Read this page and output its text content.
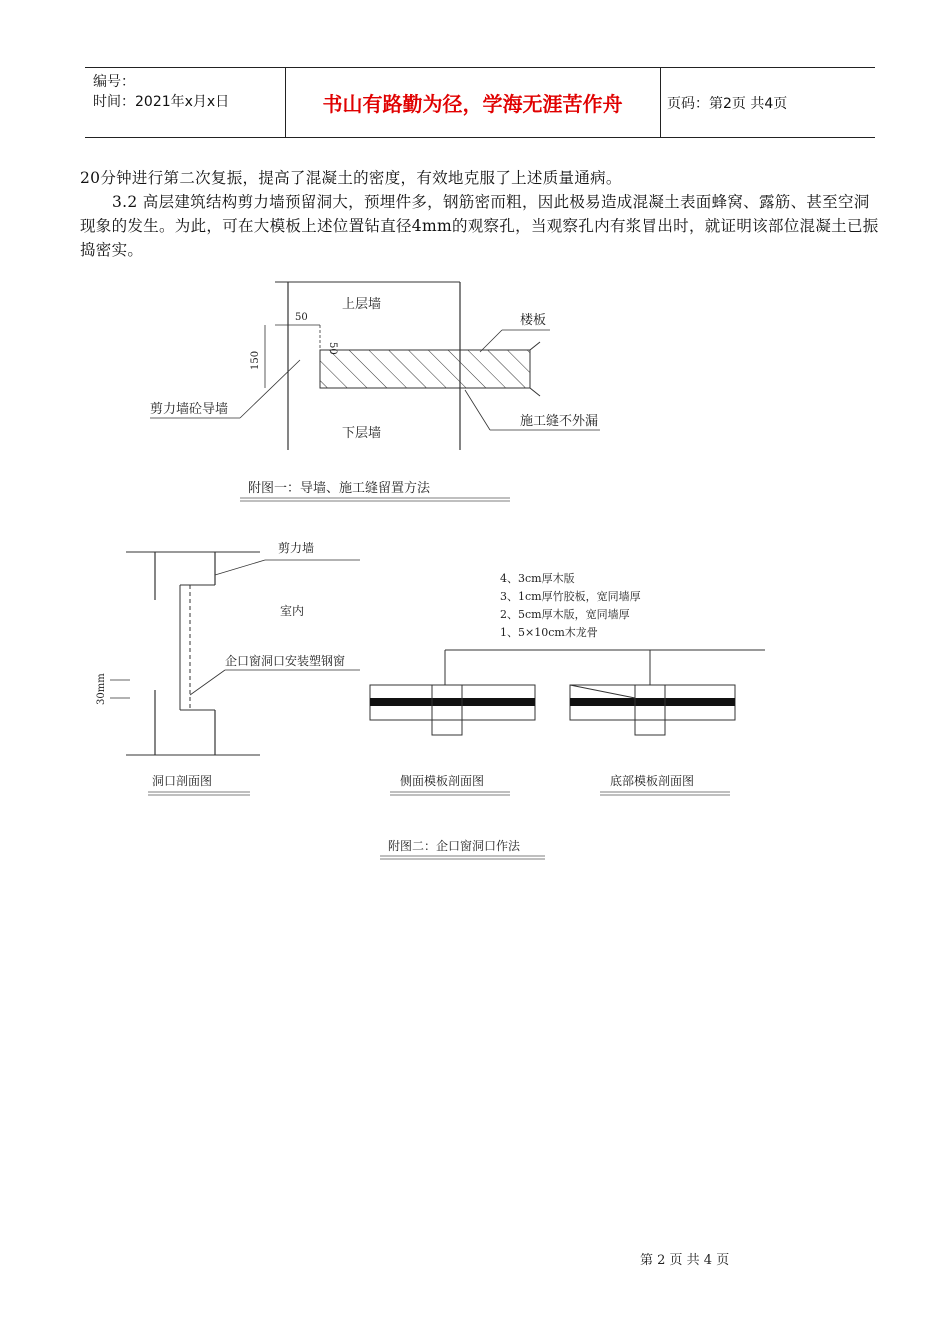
编号：
时间：2021年x月x日	书山有路勤为径，学海无涯苦作舟	页码：第2页 共4页

20分钟进行第二次复振，提高了混凝土的密度，有效地克服了上述质量通病。

3.2 高层建筑结构剪力墙预留洞大，预埋件多，钢筋密而粗，因此极易造成混凝土表面蜂窝、露筋、甚至空洞现象的发生。为此，可在大模板上述位置钻直径4mm的观察孔，当观察孔内有浆冒出时，就证明该部位混凝土已振捣密实。

50
50
150
上层墙
楼板
下层墙
剪力墙砼导墙
施工缝不外漏
附图一：导墙、施工缝留置方法
剪力墙
室内
企口窗洞口安装塑钢窗
30mm
洞口剖面图
4、3cm厚木版
3、1cm厚竹胶板，宽同墙厚
2、5cm厚木版，宽同墙厚
1、5×10cm木龙骨
侧面模板剖面图	底部模板剖面图
附图二：企口窗洞口作法
第 2 页 共 4 页
